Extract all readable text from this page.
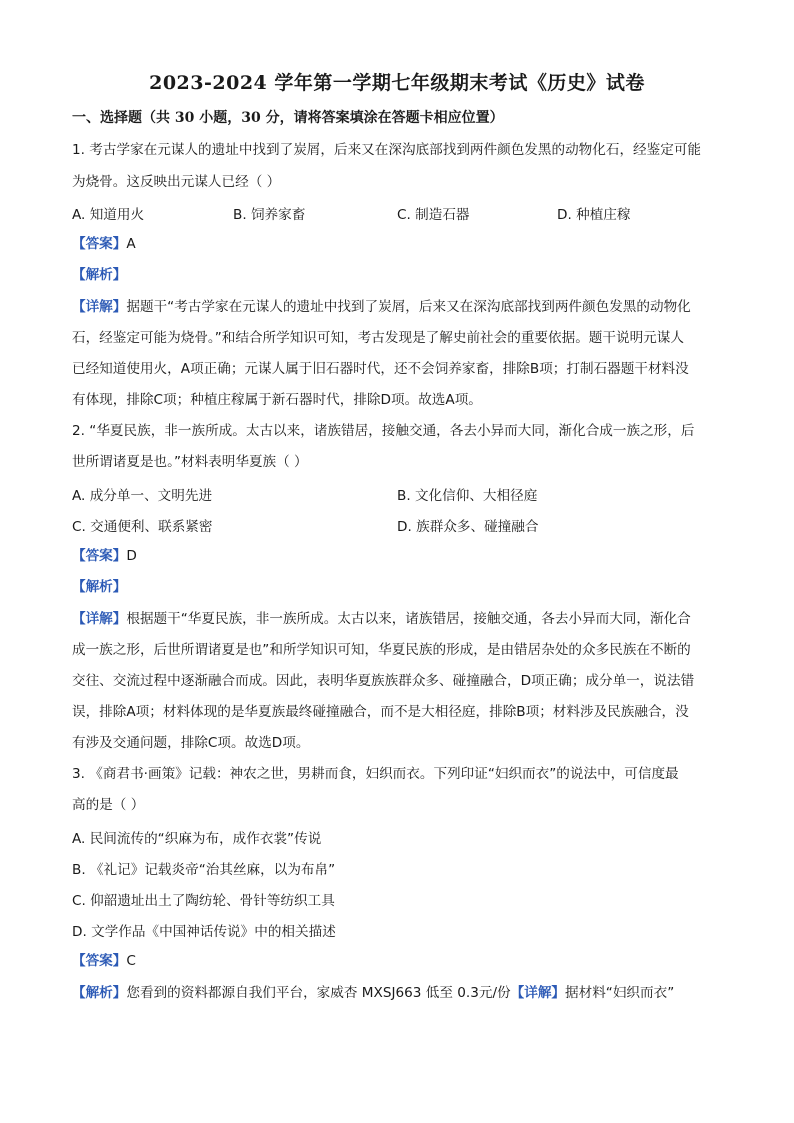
2023-2024 学年第一学期七年级期末考试《历史》试卷
一、选择题（共 30 小题，30 分，请将答案填涂在答题卡相应位置）
1. 考古学家在元谋人的遗址中找到了炭屑，后来又在深沟底部找到两件颜色发黑的动物化石，经鉴定可能
为烧骨。这反映出元谋人已经（ ）
A. 知道用火	B. 饲养家畜	C. 制造石器	D. 种植庄稼
【答案】A
【解析】
【详解】据题干“考古学家在元谋人的遗址中找到了炭屑，后来又在深沟底部找到两件颜色发黑的动物化
石，经鉴定可能为烧骨。”和结合所学知识可知，考古发现是了解史前社会的重要依据。题干说明元谋人
已经知道使用火，A项正确；元谋人属于旧石器时代，还不会饲养家畜，排除B项；打制石器题干材料没
有体现，排除C项；种植庄稼属于新石器时代，排除D项。故选A项。
2. “华夏民族，非一族所成。太古以来，诸族错居，接触交通，各去小异而大同，渐化合成一族之形，后
世所谓诸夏是也。”材料表明华夏族（ ）
A. 成分单一、文明先进	B. 文化信仰、大相径庭
C. 交通便利、联系紧密	D. 族群众多、碰撞融合
【答案】D
【解析】
【详解】根据题干“华夏民族，非一族所成。太古以来，诸族错居，接触交通，各去小异而大同，渐化合
成一族之形，后世所谓诸夏是也”和所学知识可知，华夏民族的形成，是由错居杂处的众多民族在不断的
交往、交流过程中逐渐融合而成。因此，表明华夏族族群众多、碰撞融合，D项正确；成分单一，说法错
误，排除A项；材料体现的是华夏族最终碰撞融合，而不是大相径庭，排除B项；材料涉及民族融合，没
有涉及交通问题，排除C项。故选D项。
3. 《商君书·画策》记载：神农之世，男耕而食，妇织而衣。下列印证“妇织而衣”的说法中，可信度最
高的是（ ）
A. 民间流传的“织麻为布，成作衣裳”传说
B. 《礼记》记载炎帝“治其丝麻，以为布帛”
C. 仰韶遗址出土了陶纺轮、骨针等纺织工具
D. 文学作品《中国神话传说》中的相关描述
【答案】C
【解析】您看到的资料都源自我们平台，家威杏 MXSJ663 低至 0.3元/份【详解】据材料“妇织而衣”
